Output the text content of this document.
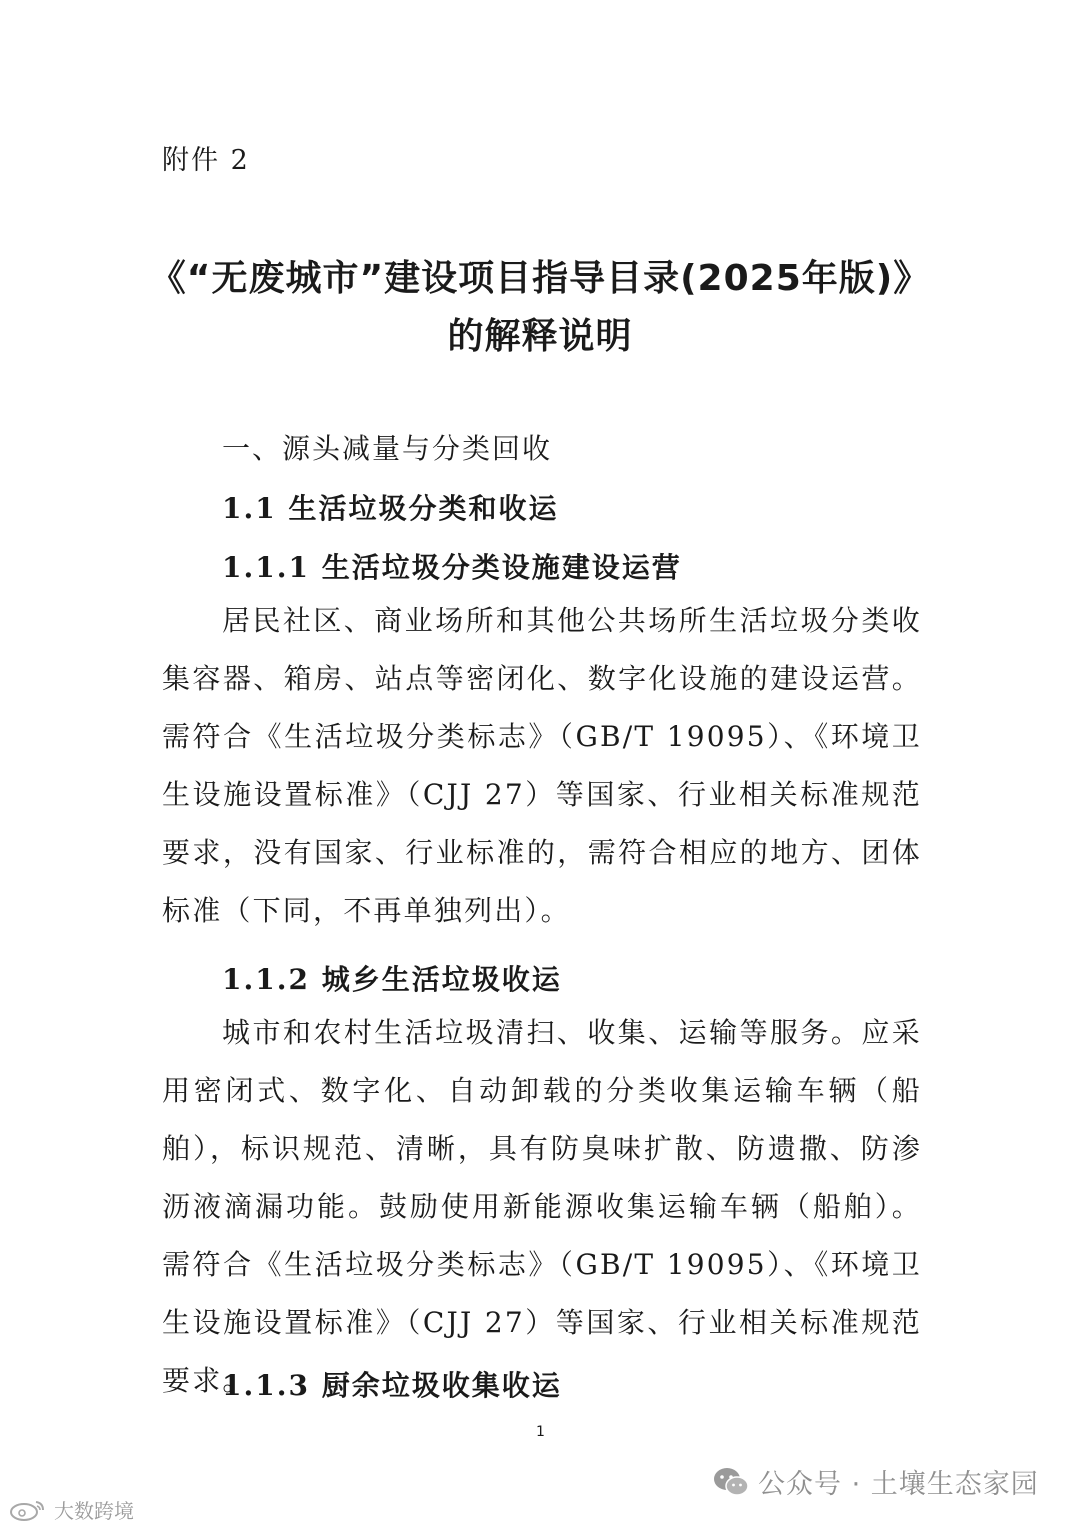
附件 2
《“无废城市”建设项目指导目录(2025年版)》
的解释说明
一、源头减量与分类回收
1.1 生活垃圾分类和收运
1.1.1 生活垃圾分类设施建设运营
居民社区、商业场所和其他公共场所生活垃圾分类收集容器、箱房、站点等密闭化、数字化设施的建设运营。需符合《生活垃圾分类标志》（GB/T 19095）、《环境卫生设施设置标准》（CJJ 27）等国家、行业相关标准规范要求，没有国家、行业标准的，需符合相应的地方、团体标准（下同，不再单独列出）。
1.1.2 城乡生活垃圾收运
城市和农村生活垃圾清扫、收集、运输等服务。应采用密闭式、数字化、自动卸载的分类收集运输车辆（船舶），标识规范、清晰，具有防臭味扩散、防遗撒、防渗沥液滴漏功能。鼓励使用新能源收集运输车辆（船舶）。需符合《生活垃圾分类标志》（GB/T 19095）、《环境卫生设施设置标准》（CJJ 27）等国家、行业相关标准规范要求。
1.1.3 厨余垃圾收集收运
1
公众号 · 土壤生态家园
大数跨境
